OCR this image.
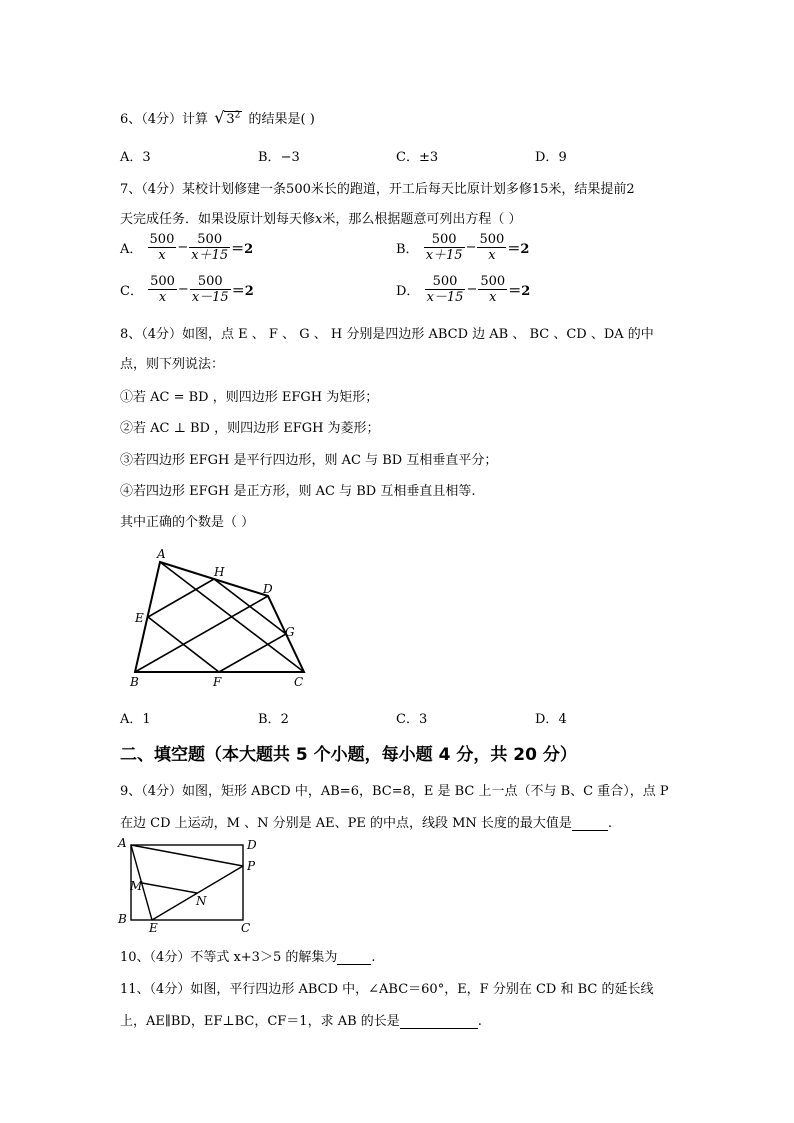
6、（4分）计算 √ $3^2$ 的结果是( )
A．3	B．−3	C．±3	D．9
7、（4分）某校计划修建一条500米长的跑道，开工后每天比原计划多修15米，结果提前2
天完成任务．如果设原计划每天修x米，那么根据题意可列出方程（ ）
A． $\frac{500}{x} - \frac{500}{x+15} =2$	B． $\frac{500}{x+15} - \frac{500}{x} =2$
C． $\frac{500}{x} - \frac{500}{x-15} =2$	D． $\frac{500}{x-15} - \frac{500}{x} =2$
8、（4分）如图，点 E 、 F 、 G 、 H 分别是四边形 ABCD 边 AB 、 BC 、CD 、DA 的中
点，则下列说法：
①若 AC = BD ，则四边形 EFGH 为矩形；
②若 AC ⊥ BD ，则四边形 EFGH 为菱形；
③若四边形 EFGH 是平行四边形，则 AC 与 BD 互相垂直平分；
④若四边形 EFGH 是正方形，则 AC 与 BD 互相垂直且相等.
其中正确的个数是（ ）
A
H
D
E
G
B	F	C
A．1	B．2	C．3	D．4
二、填空题（本大题共 5 个小题，每小题 4 分，共 20 分）
9、（4分）如图，矩形 ABCD 中，AB=6，BC=8，E 是 BC 上一点（不与 B、C 重合），点 P
在边 CD 上运动，M 、N 分别是 AE、PE 的中点，线段 MN 长度的最大值是	.
A	D
P
M
N
B
E	C
10、（4分）不等式 x+3＞5 的解集为	.
11、（4分）如图，平行四边形 ABCD 中，∠ABC＝60°，E，F 分别在 CD 和 BC 的延长线
上，AE∥BD，EF⊥BC，CF＝1，求 AB 的长是	.
